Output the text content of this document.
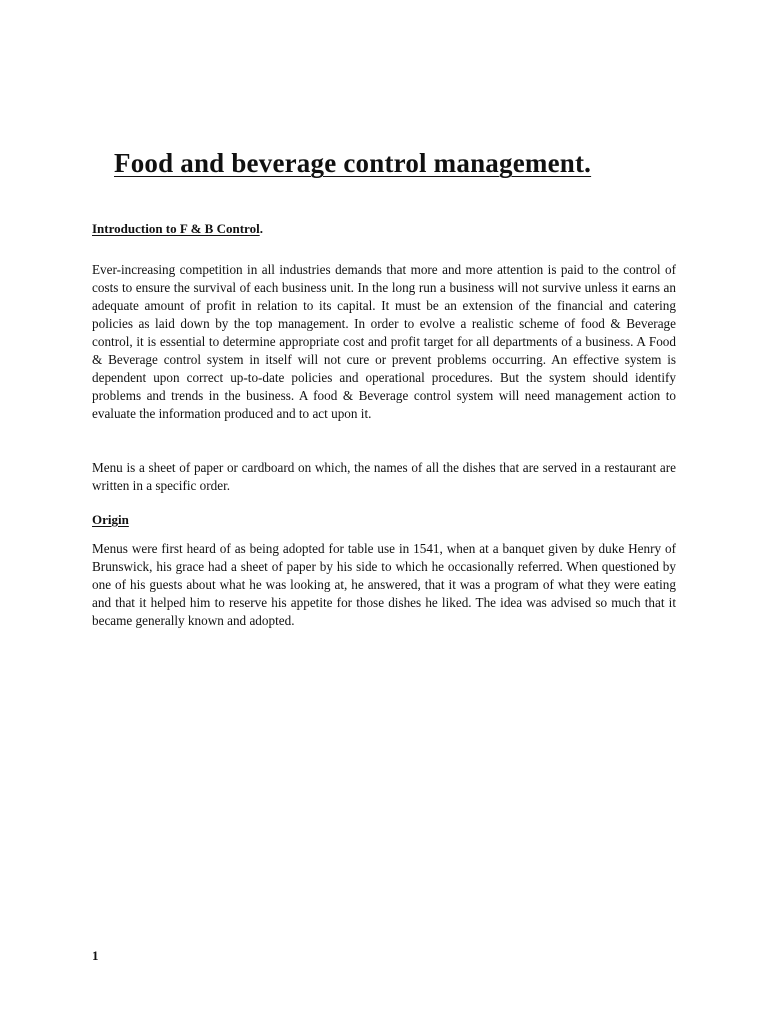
Food and beverage control management.

Introduction to F & B Control.

Ever-increasing competition in all industries demands that more and more attention is paid to the control of costs to ensure the survival of each business unit. In the long run a business will not survive unless it earns an adequate amount of profit in relation to its capital. It must be an extension of the financial and catering policies as laid down by the top management. In order to evolve a realistic scheme of food & Beverage control, it is essential to determine appropriate cost and profit target for all departments of a business. A Food & Beverage control system in itself will not cure or prevent problems occurring. An effective system is dependent upon correct up-to-date policies and operational procedures. But the system should identify problems and trends in the business. A food & Beverage control system will need management action to evaluate the information produced and to act upon it.

Menu is a sheet of paper or cardboard on which, the names of all the dishes that are served in a restaurant are written in a specific order.

Origin

Menus were first heard of as being adopted for table use in 1541, when at a banquet given by duke Henry of Brunswick, his grace had a sheet of paper by his side to which he occasionally referred. When questioned by one of his guests about what he was looking at, he answered, that it was a program of what they were eating and that it helped him to reserve his appetite for those dishes he liked. The idea was advised so much that it became generally known and adopted.

1
